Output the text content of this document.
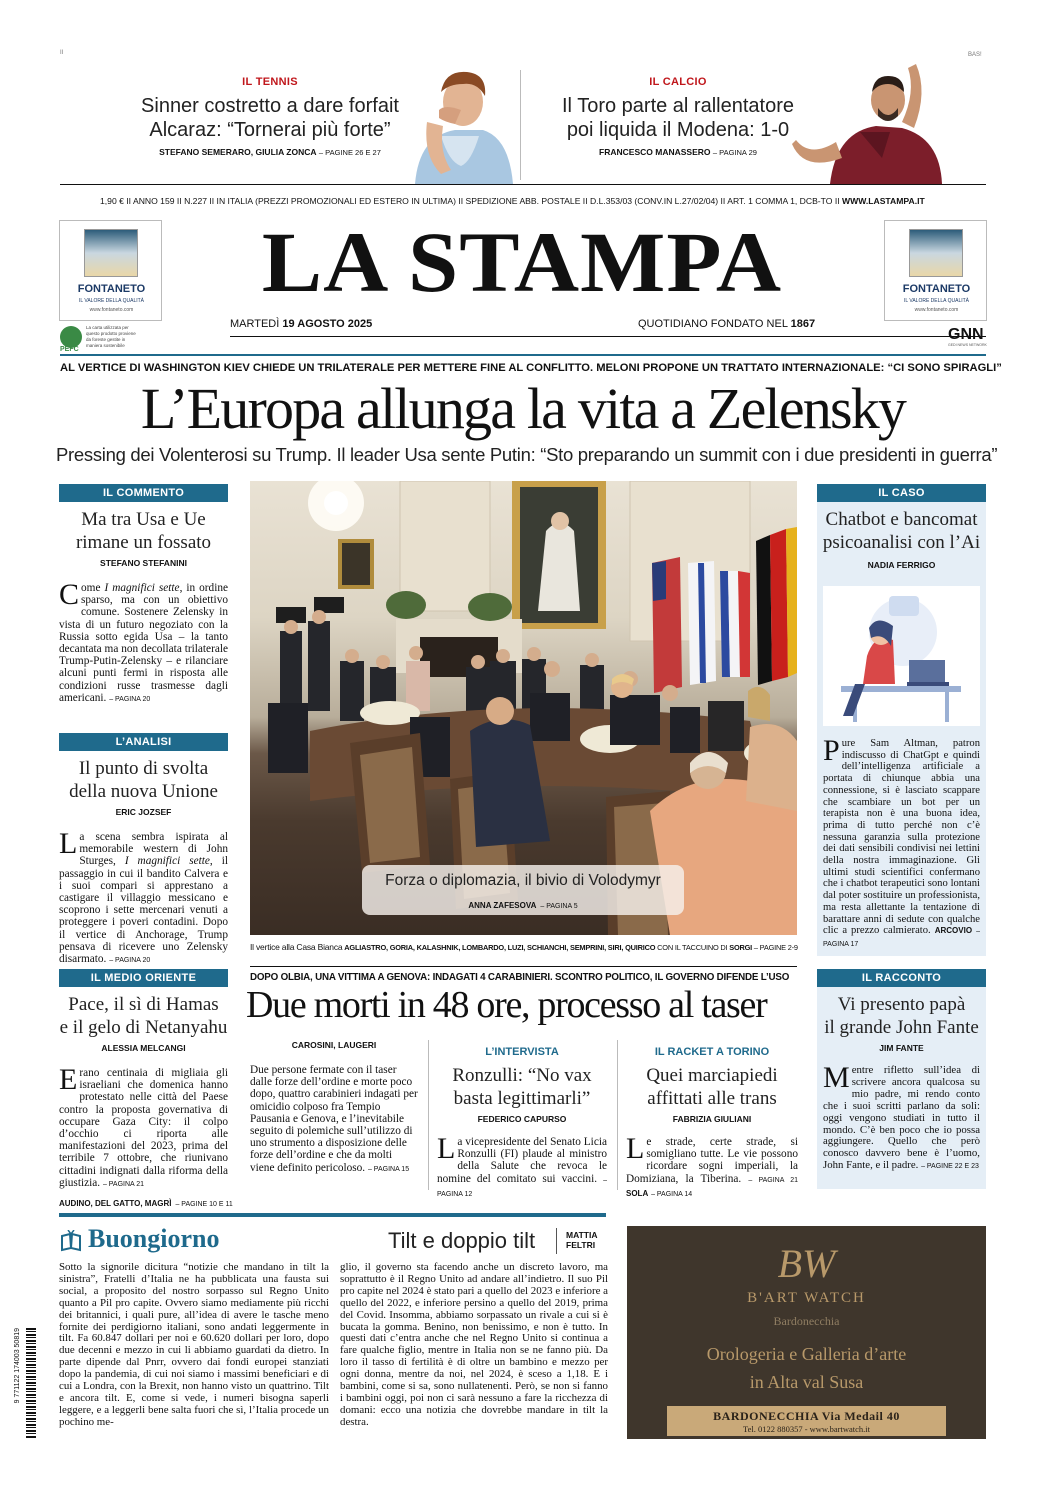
II	BAS!
IL TENNIS
Sinner costretto a dare forfait
Alcaraz: “Tornerai più forte”
STEFANO SEMERARO, GIULIA ZONCA – PAGINE 26 E 27
IL CALCIO
Il Toro parte al rallentatore
poi liquida il Modena: 1-0
FRANCESCO MANASSERO – PAGINA 29
1,90 € II ANNO 159 II N.227 II IN ITALIA (PREZZI PROMOZIONALI ED ESTERO IN ULTIMA) II SPEDIZIONE ABB. POSTALE II D.L.353/03 (CONV.IN L.27/02/04) II ART. 1 COMMA 1, DCB-TO II WWW.LASTAMPA.IT
FONTANETO
IL VALORE DELLA QUALITÀ
www.fontaneto.com
FONTANETO
IL VALORE DELLA QUALITÀ
www.fontaneto.com
LA STAMPA
MARTEDÌ 19 AGOSTO 2025	QUOTIDIANO FONDATO NEL 1867
PEFC
La carta utilizzata per questo prodotto proviene da foreste gestite in maniera sostenibile
GNN
GEDI NEWS NETWORK
AL VERTICE DI WASHINGTON KIEV CHIEDE UN TRILATERALE PER METTERE FINE AL CONFLITTO. MELONI PROPONE UN TRATTATO INTERNAZIONALE: “CI SONO SPIRAGLI”
L’Europa allunga la vita a Zelensky
Pressing dei Volenterosi su Trump. Il leader Usa sente Putin: “Sto preparando un summit con i due presidenti in guerra”
IL COMMENTO
Ma tra Usa e Ue
rimane un fossato
STEFANO STEFANINI
Come I magnifici sette, in ordine sparso, ma con un obiettivo comune. Sostenere Zelensky in vista di un futuro negoziato con la Russia sotto egida Usa – la tanto decantata ma non decollata trilaterale Trump-Putin-Zelensky – e rilanciare alcuni punti fermi in risposta alle condizioni russe trasmesse dagli americani. – PAGINA 20
L’ANALISI
Il punto di svolta
della nuova Unione
ERIC JOZSEF
La scena sembra ispirata al memorabile western di John Sturges, I magnifici sette, il passaggio in cui il bandito Calvera e i suoi compari si apprestano a castigare il villaggio messicano e scoprono i sette mercenari venuti a proteggere i poveri contadini. Dopo il vertice di Anchorage, Trump pensava di ricevere uno Zelensky disarmato. – PAGINA 20
IL MEDIO ORIENTE
Pace, il sì di Hamas
e il gelo di Netanyahu
ALESSIA MELCANGI
Erano centinaia di migliaia gli israeliani che domenica hanno protestato nelle città del Paese contro la proposta governativa di occupare Gaza City: il colpo d’occhio ci riporta alle manifestazioni del 2023, prima del terribile 7 ottobre, che riunivano cittadini indignati dalla riforma della giustizia. – PAGINA 21
AUDINO, DEL GATTO, MAGRÌ – PAGINE 10 E 11
Forza o diplomazia, il bivio di Volodymyr
ANNA ZAFESOVA – PAGINA 5
Il vertice alla Casa Bianca AGLIASTRO, GORIA, KALASHNIK, LOMBARDO, LUZI, SCHIANCHI, SEMPRINI, SIRI, QUIRICO CON IL TACCUINO DI SORGI – PAGINE 2-9
IL CASO
Chatbot e bancomat
psicoanalisi con l’Ai
NADIA FERRIGO
Pure Sam Altman, patron indiscusso di ChatGpt e quindi dell’intelligenza artificiale a portata di chiunque abbia una connessione, si è lasciato scappare che scambiare un bot per un terapista non è una buona idea, prima di tutto perché non c’è nessuna garanzia sulla protezione dei dati sensibili condivisi nei lettini della nostra immaginazione. Gli ultimi studi scientifici confermano che i chatbot terapeutici sono lontani dal poter sostituire un professionista, ma resta allettante la tentazione di barattare anni di sedute con qualche clic a prezzo calmierato. ARCOVIO – PAGINA 17
IL RACCONTO
Vi presento papà
il grande John Fante
JIM FANTE
Mentre rifletto sull’idea di scrivere ancora qualcosa su mio padre, mi rendo conto che i suoi scritti parlano da soli: oggi vengono studiati in tutto il mondo. C’è ben poco che io possa aggiungere. Quello che però conosco davvero bene è l’uomo, John Fante, e il padre. – PAGINE 22 E 23
DOPO OLBIA, UNA VITTIMA A GENOVA: INDAGATI 4 CARABINIERI. SCONTRO POLITICO, IL GOVERNO DIFENDE L’USO
Due morti in 48 ore, processo al taser
CAROSINI, LAUGERI
Due persone fermate con il taser dalle forze dell’ordine e morte poco dopo, quattro carabinieri indagati per omicidio colposo fra Tempio Pausania e Genova, e l’inevitabile seguito di polemiche sull’utilizzo di uno strumento a disposizione delle forze dell’ordine e che da molti viene definito pericoloso. – PAGINA 15
L’INTERVISTA
Ronzulli: “No vax
basta legittimarli”
FEDERICO CAPURSO
La vicepresidente del Senato Licia Ronzulli (FI) plaude al ministro della Salute che revoca le nomine del comitato sui vaccini. – PAGINA 12
IL RACKET A TORINO
Quei marciapiedi
affittati alle trans
FABRIZIA GIULIANI
Le strade, certe strade, si somigliano tutte. Le vie possono ricordare sogni imperiali, la Domiziana, la Tiberina. – PAGINA 21 SOLA – PAGINA 14
Buongiorno	Tilt e doppio tilt	MATTIA
FELTRI
9 771122 174003 50819
Sotto la signorile dicitura “notizie che mandano in tilt la sinistra”, Fratelli d’Italia ne ha pubblicata una fausta sui social, a proposito del nostro sorpasso sul Regno Unito quanto a Pil pro capite. Ovvero siamo mediamente più ricchi dei britannici, i quali pure, all’idea di avere le tasche meno fornite dei perdigiorno italiani, sono andati leggermente in tilt. Fa 60.847 dollari per noi e 60.620 dollari per loro, dopo due decenni e mezzo in cui li abbiamo guardati da dietro. In parte dipende dal Pnrr, ovvero dai fondi europei stanziati dopo la pandemia, di cui noi siamo i massimi beneficiari e di cui a Londra, con la Brexit, non hanno visto un quattrino. Tilt e ancora tilt. E, come si vede, i numeri bisogna saperli leggere, e a leggerli bene salta fuori che sì, l’Italia procede un pochino me-
glio, il governo sta facendo anche un discreto lavoro, ma soprattutto è il Regno Unito ad andare all’indietro. Il suo Pil pro capite nel 2024 è stato pari a quello del 2023 e inferiore a quello del 2022, e inferiore persino a quello del 2019, prima del Covid. Insomma, abbiamo sorpassato un rivale a cui si è bucata la gomma. Benino, non benissimo, e non è tutto. In questi dati c’entra anche che nel Regno Unito si continua a fare qualche figlio, mentre in Italia non se ne fanno più. Da loro il tasso di fertilità è di oltre un bambino e mezzo per ogni donna, mentre da noi, nel 2024, è sceso a 1,18. E i bambini, come si sa, sono nullatenenti. Però, se non si fanno i bambini oggi, poi non ci sarà nessuno a fare la ricchezza di domani: ecco una notizia che dovrebbe mandare in tilt la destra.
BW
B'ART WATCH
Bardonecchia
Orologeria e Galleria d’arte
in Alta val Susa
BARDONECCHIA Via Medail 40
Tel. 0122 880357 - www.bartwatch.it
